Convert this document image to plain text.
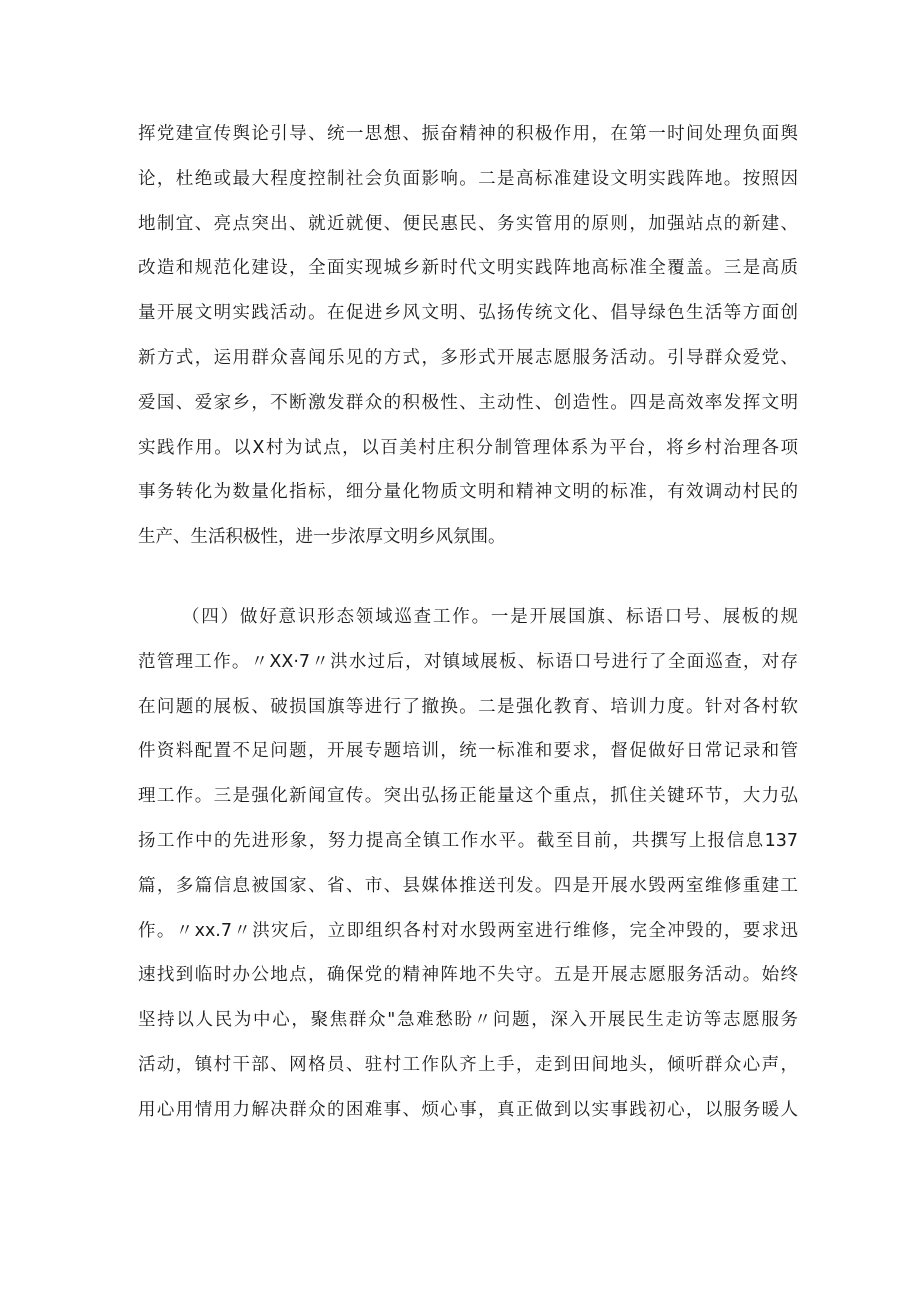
挥党建宣传舆论引导、统一思想、振奋精神的积极作用，在第一时间处理负面舆
论，杜绝或最大程度控制社会负面影响。二是高标准建设文明实践阵地。按照因
地制宜、亮点突出、就近就便、便民惠民、务实管用的原则，加强站点的新建、
改造和规范化建设，全面实现城乡新时代文明实践阵地高标准全覆盖。三是高质
量开展文明实践活动。在促进乡风文明、弘扬传统文化、倡导绿色生活等方面创
新方式，运用群众喜闻乐见的方式，多形式开展志愿服务活动。引导群众爱党、
爱国、爱家乡，不断激发群众的积极性、主动性、创造性。四是高效率发挥文明
实践作用。以X村为试点，以百美村庄积分制管理体系为平台，将乡村治理各项
事务转化为数量化指标，细分量化物质文明和精神文明的标准，有效调动村民的
生产、生活积极性，进一步浓厚文明乡风氛围。
（四）做好意识形态领域巡查工作。一是开展国旗、标语口号、展板的规
范管理工作。〃XX·7〃洪水过后，对镇域展板、标语口号进行了全面巡查，对存
在问题的展板、破损国旗等进行了撤换。二是强化教育、培训力度。针对各村软
件资料配置不足问题，开展专题培训，统一标准和要求，督促做好日常记录和管
理工作。三是强化新闻宣传。突出弘扬正能量这个重点，抓住关键环节，大力弘
扬工作中的先进形象，努力提高全镇工作水平。截至目前，共撰写上报信息137
篇，多篇信息被国家、省、市、县媒体推送刊发。四是开展水毁两室维修重建工
作。〃xx.7〃洪灾后，立即组织各村对水毁两室进行维修，完全冲毁的，要求迅
速找到临时办公地点，确保党的精神阵地不失守。五是开展志愿服务活动。始终
坚持以人民为中心，聚焦群众"急难愁盼〃问题，深入开展民生走访等志愿服务
活动，镇村干部、网格员、驻村工作队齐上手，走到田间地头，倾听群众心声，
用心用情用力解决群众的困难事、烦心事，真正做到以实事践初心，以服务暖人
